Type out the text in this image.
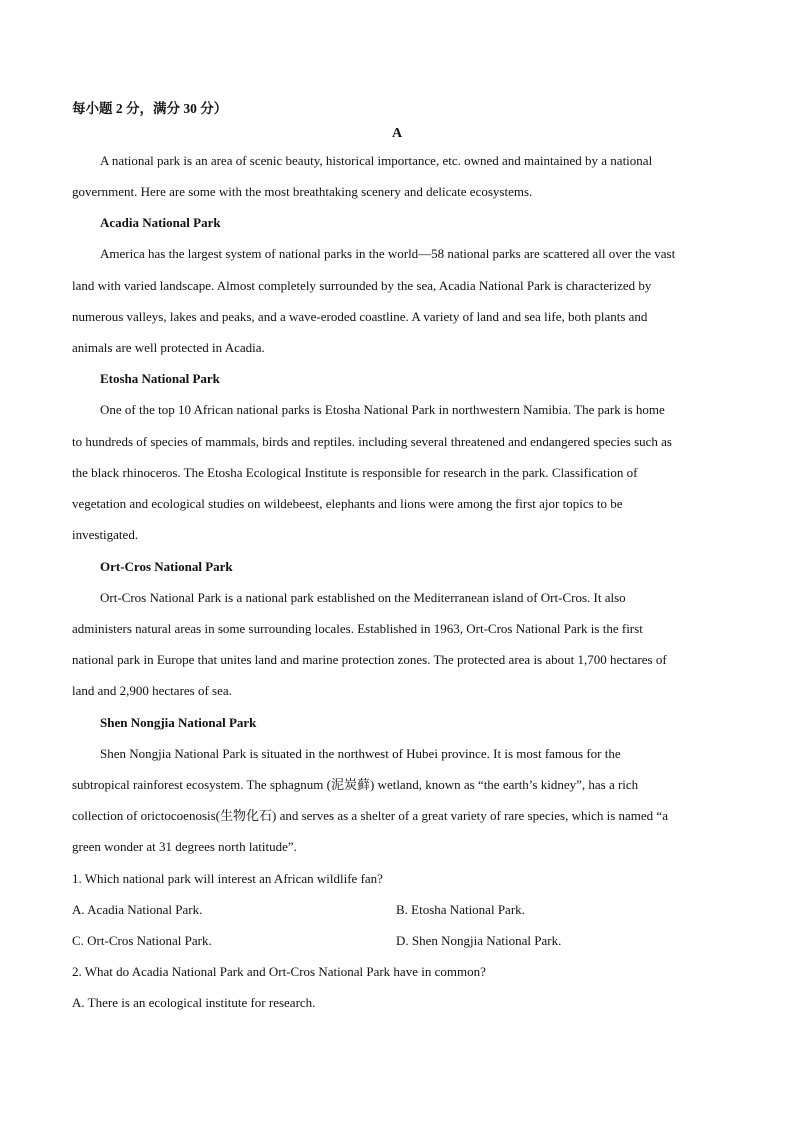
每小题 2 分，满分 30 分）
A
A national park is an area of scenic beauty, historical importance, etc. owned and maintained by a national
government. Here are some with the most breathtaking scenery and delicate ecosystems.
Acadia National Park
America has the largest system of national parks in the world—58 national parks are scattered all over the vast
land with varied landscape. Almost completely surrounded by the sea, Acadia National Park is characterized by
numerous valleys, lakes and peaks, and a wave-eroded coastline. A variety of land and sea life, both plants and
animals are well protected in Acadia.
Etosha National Park
One of the top 10 African national parks is Etosha National Park in northwestern Namibia. The park is home
to hundreds of species of mammals, birds and reptiles. including several threatened and endangered species such as
the black rhinoceros. The Etosha Ecological Institute is responsible for research in the park. Classification of
vegetation and ecological studies on wildebeest, elephants and lions were among the first ajor topics to be
investigated.
Ort-Cros National Park
Ort-Cros National Park is a national park established on the Mediterranean island of Ort-Cros. It also
administers natural areas in some surrounding locales. Established in 1963, Ort-Cros National Park is the first
national park in Europe that unites land and marine protection zones. The protected area is about 1,700 hectares of
land and 2,900 hectares of sea.
Shen Nongjia National Park
Shen Nongjia National Park is situated in the northwest of Hubei province. It is most famous for the
subtropical rainforest ecosystem. The sphagnum (泥炭藓) wetland, known as “the earth’s kidney”, has a rich
collection of orictocoenosis(生物化石) and serves as a shelter of a great variety of rare species, which is named “a
green wonder at 31 degrees north latitude”.
1. Which national park will interest an African wildlife fan?
A. Acadia National Park.	B. Etosha National Park.
C. Ort-Cros National Park.	D. Shen Nongjia National Park.
2. What do Acadia National Park and Ort-Cros National Park have in common?
A. There is an ecological institute for research.
